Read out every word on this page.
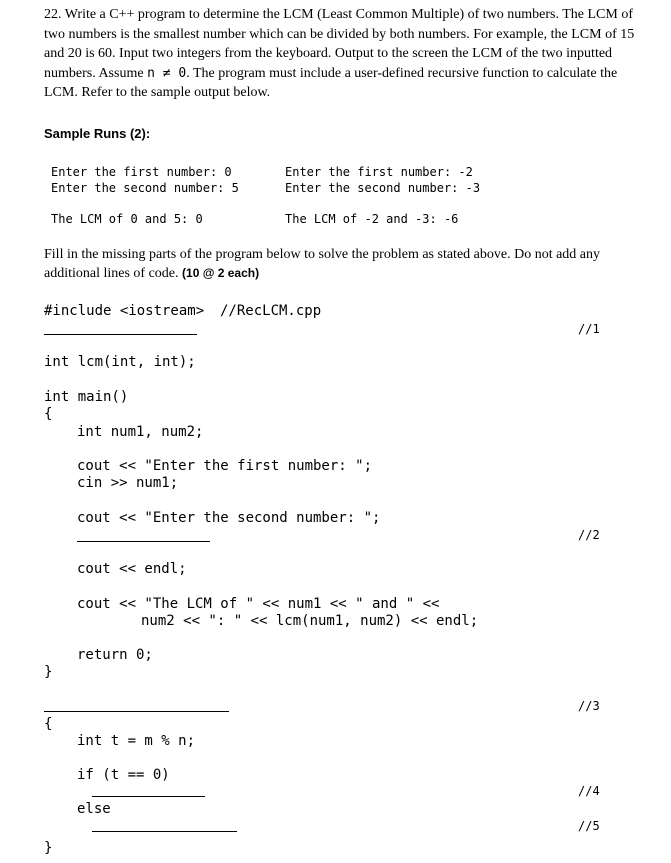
22. Write a C++ program to determine the LCM (Least Common Multiple) of two numbers. The LCM of
two numbers is the smallest number which can be divided by both numbers. For example, the LCM of 15
and 20 is 60. Input two integers from the keyboard. Output to the screen the LCM of the two inputted
numbers. Assume n ≠ 0. The program must include a user-defined recursive function to calculate the
LCM. Refer to the sample output below.
Sample Runs (2):
Enter the first number: 0
Enter the second number: 5
The LCM of 0 and 5: 0
Enter the first number: -2
Enter the second number: -3
The LCM of -2 and -3: -6
Fill in the missing parts of the program below to solve the problem as stated above. Do not add any
additional lines of code. (10 @ 2 each)
#include <iostream> //RecLCM.cpp
//1
int lcm(int, int);
int main()
{
int num1, num2;
cout << "Enter the first number: ";
cin >> num1;
cout << "Enter the second number: ";
//2
cout << endl;
cout << "The LCM of " << num1 << " and " <<
num2 << ": " << lcm(num1, num2) << endl;
return 0;
}
//3
{
int t = m % n;
if (t == 0)
//4
else
//5
}
